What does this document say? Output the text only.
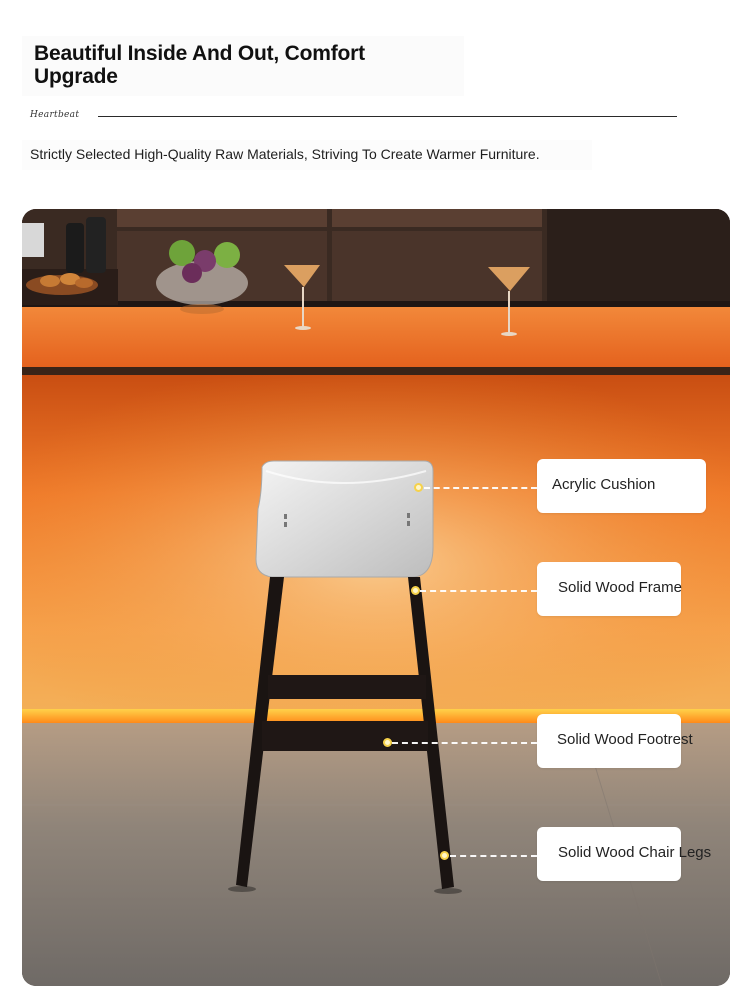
Beautiful Inside And Out, Comfort Upgrade
Heartbeat
Strictly Selected High-Quality Raw Materials, Striving To Create Warmer Furniture.
Acrylic Cushion
Solid Wood Frame
Solid Wood Footrest
Solid Wood Chair Legs
